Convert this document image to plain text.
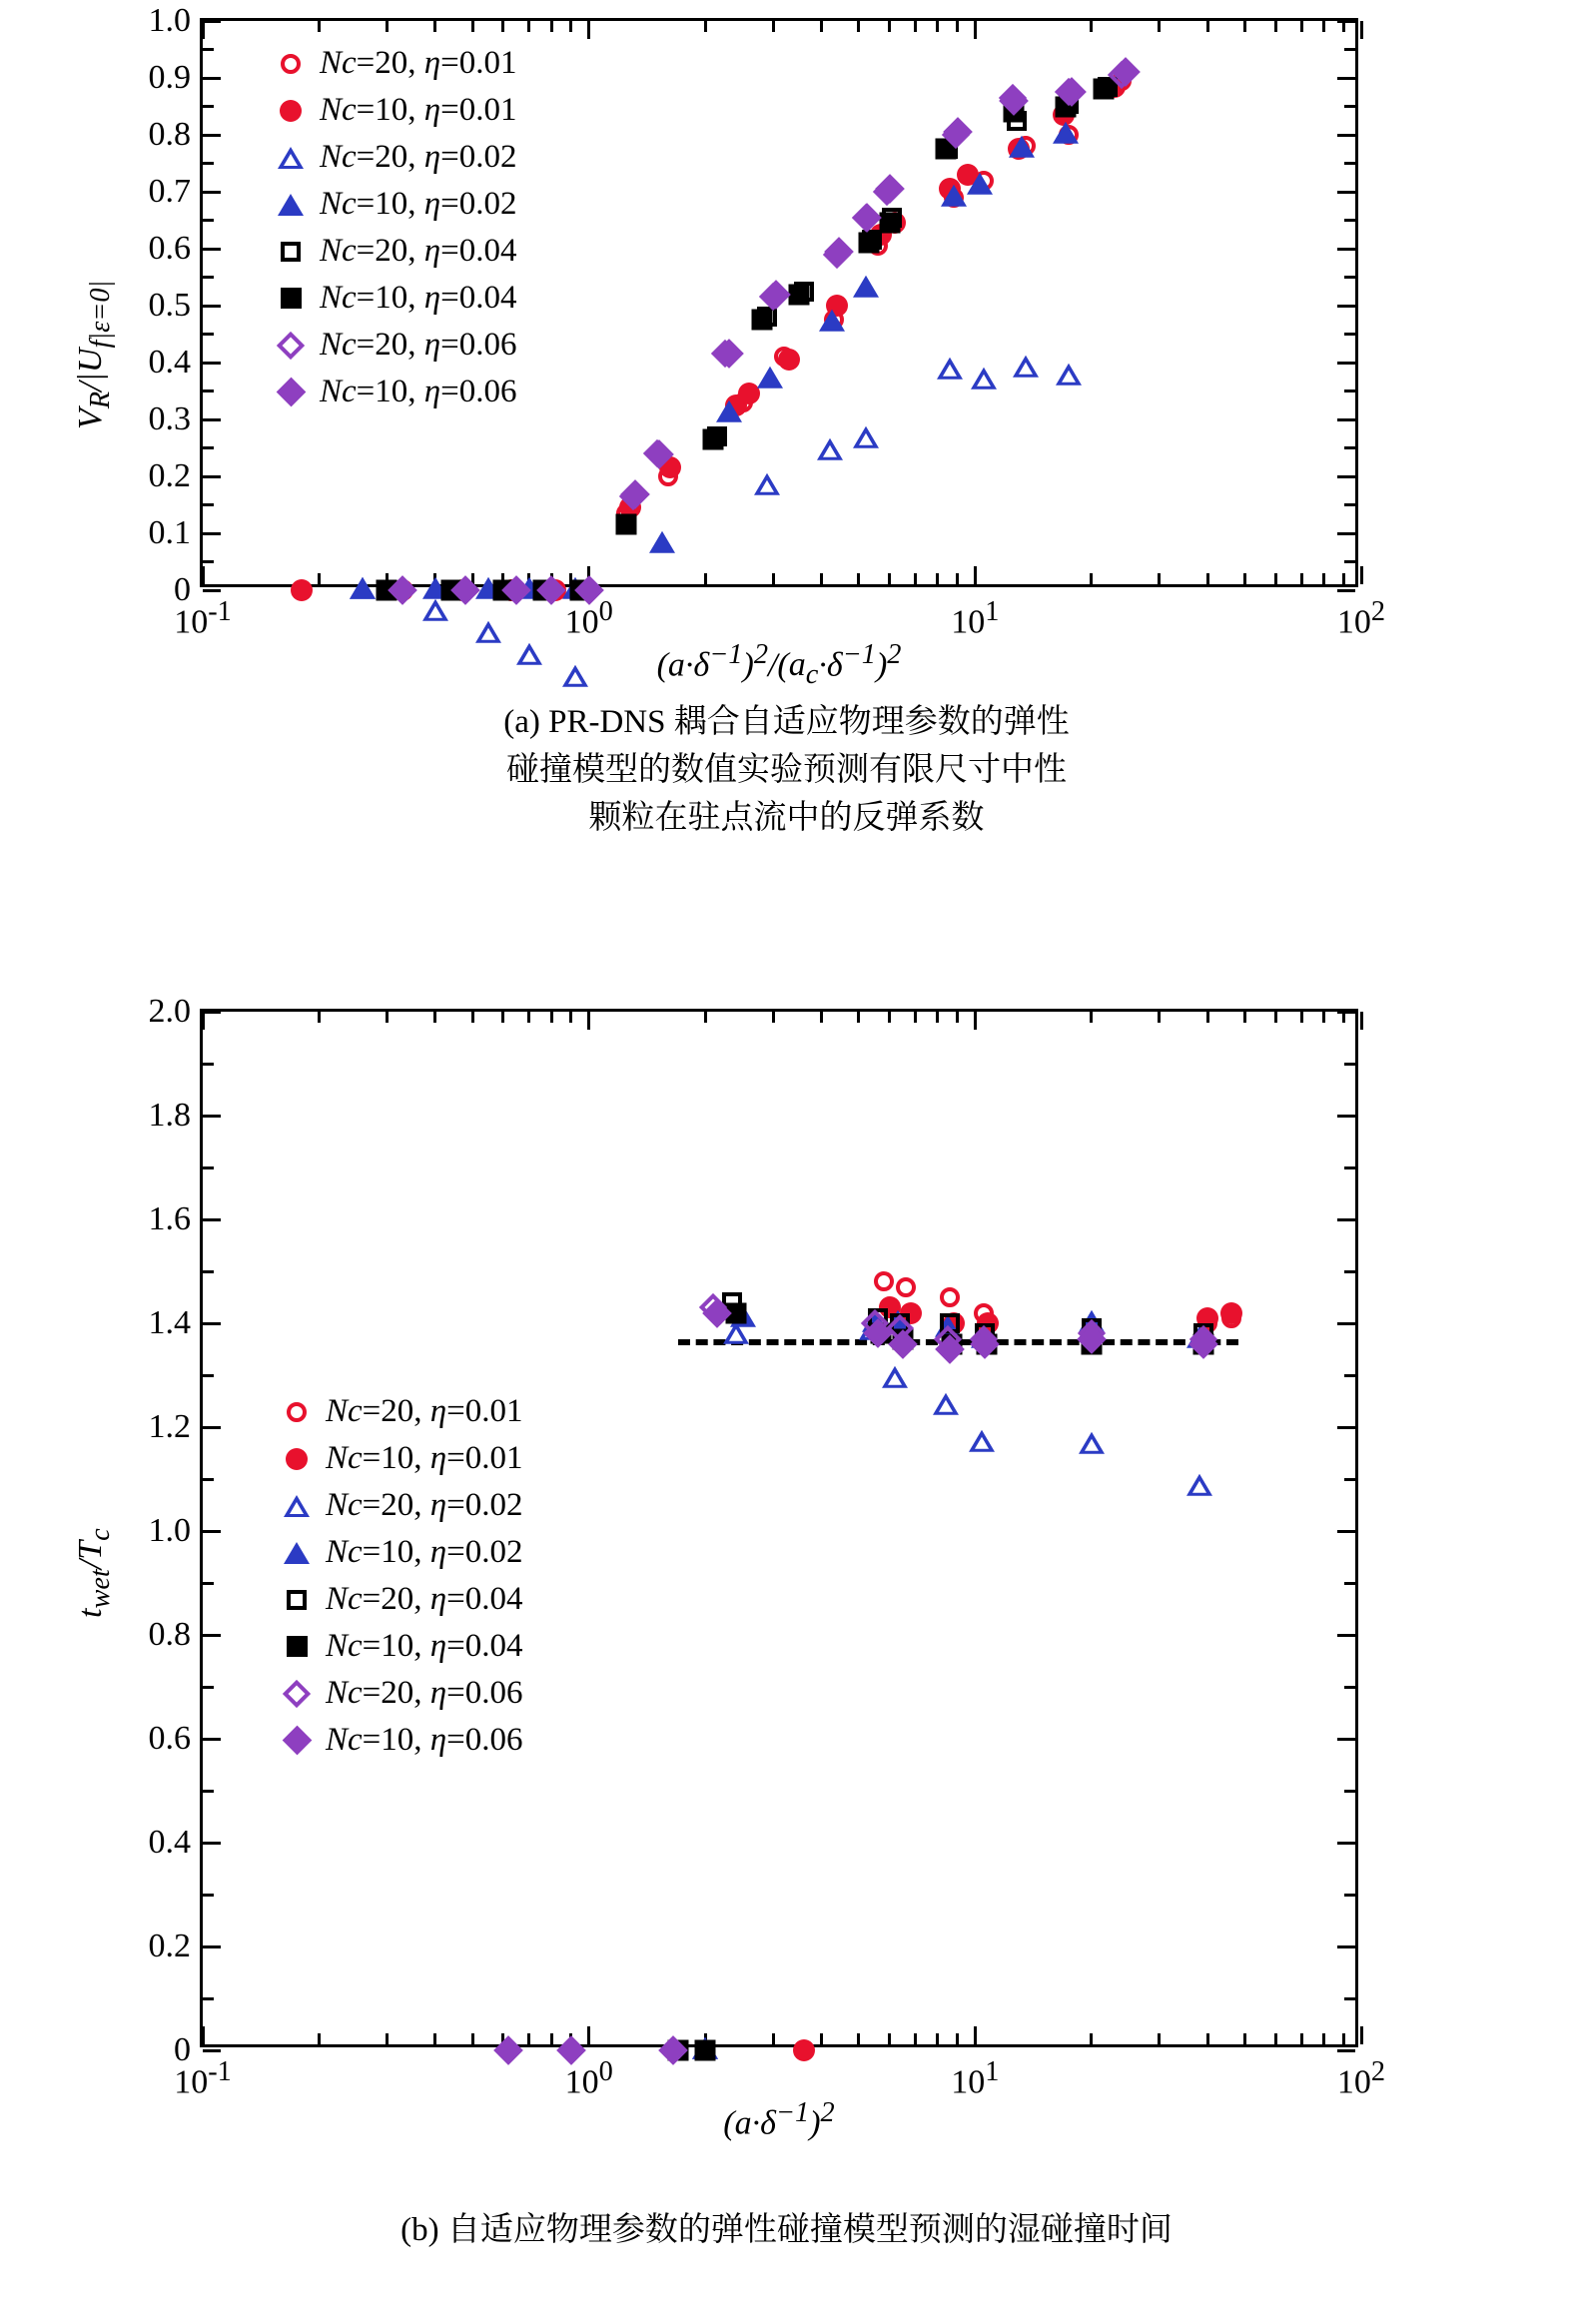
0
0.1
0.2
0.3
0.4
0.5
0.6
0.7
0.8
0.9
1.0
$10^{-1}$	$10^0$	$10^1$	$10^2$
$(a\cdot\delta^{-1})^2/(a_c\cdot\delta^{-1})^2$
$V_R/|U_{f|\varepsilon=0|}$
Nc=20, η=0.01
Nc=10, η=0.01
Nc=20, η=0.02
Nc=10, η=0.02
Nc=20, η=0.04
Nc=10, η=0.04
Nc=20, η=0.06
Nc=10, η=0.06
(a) PR-DNS 耦合自适应物理参数的弹性
碰撞模型的数值实验预测有限尺寸中性
颗粒在驻点流中的反弹系数
0
0.2
0.4
0.6
0.8
1.0
1.2
1.4
1.6
1.8
2.0
$10^{-1}$	$10^0$	$10^1$	$10^2$
$(a\cdot\delta^{-1})^2$
$t_{wet}/T_c$
Nc=20, η=0.01
Nc=10, η=0.01
Nc=20, η=0.02
Nc=10, η=0.02
Nc=20, η=0.04
Nc=10, η=0.04
Nc=20, η=0.06
Nc=10, η=0.06
(b) 自适应物理参数的弹性碰撞模型预测的湿碰撞时间
